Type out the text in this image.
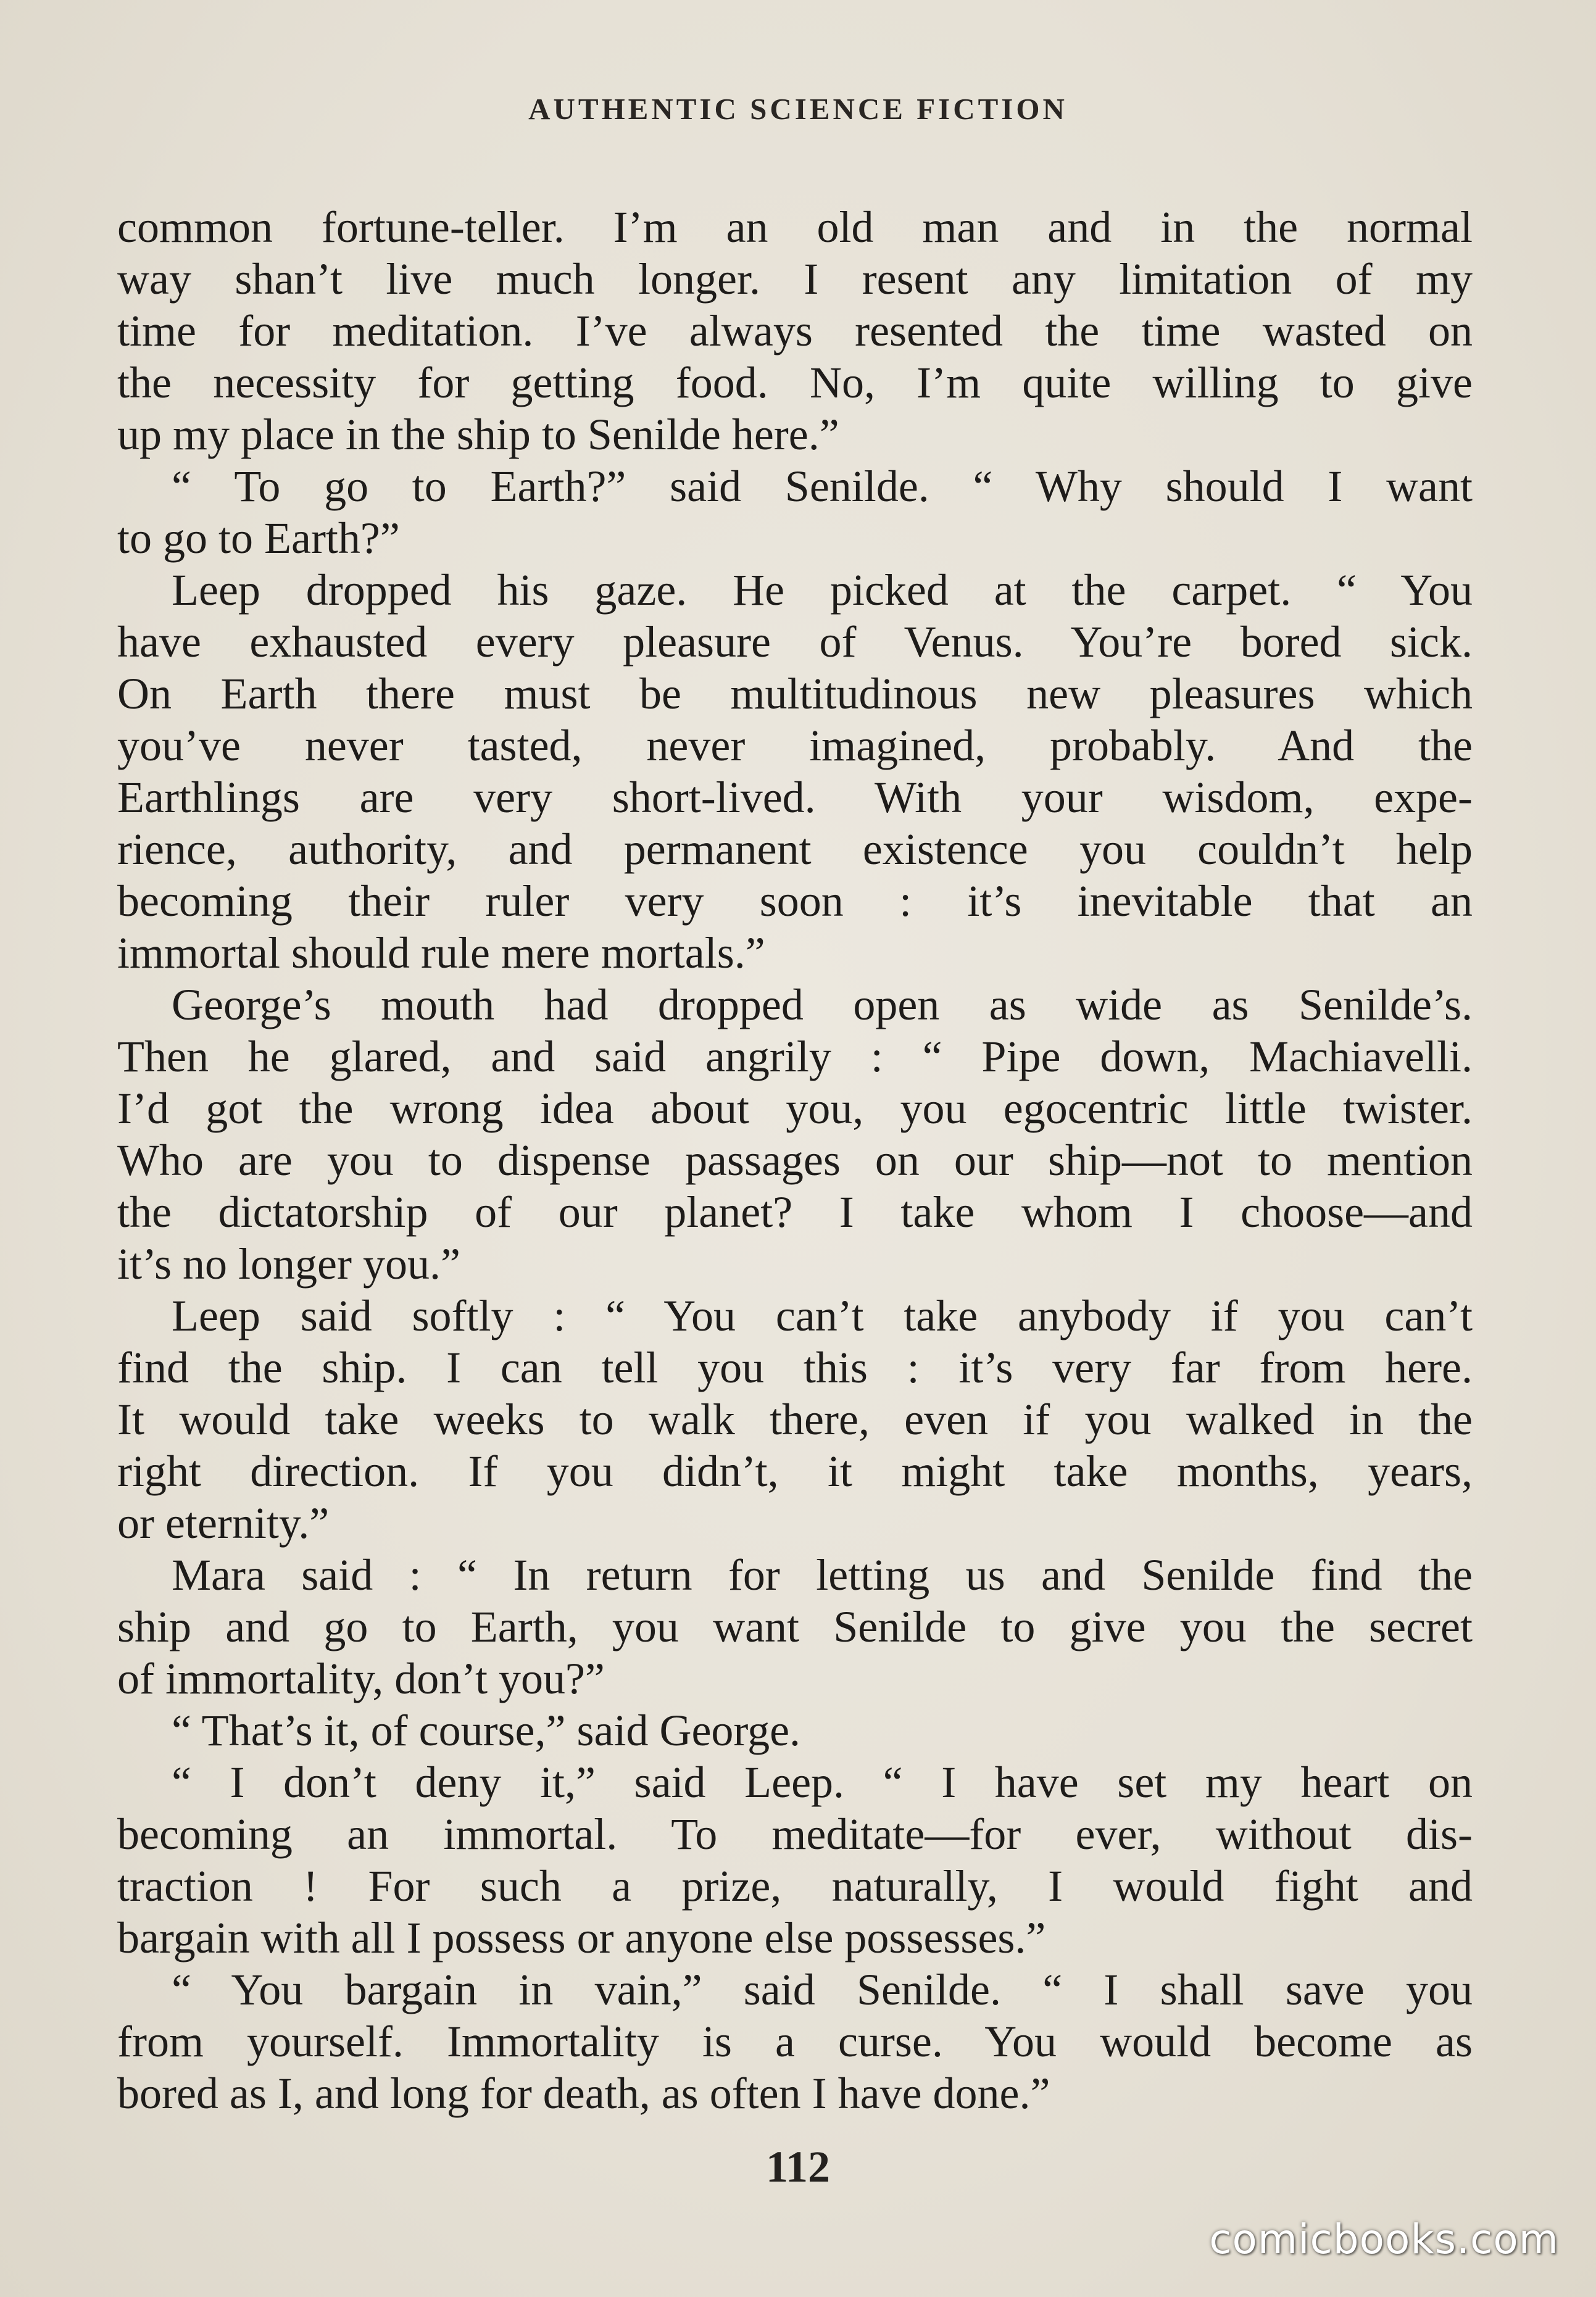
AUTHENTIC SCIENCE FICTION
common fortune-teller. I’m an old man and in the normal
way shan’t live much longer. I resent any limitation of my
time for meditation. I’ve always resented the time wasted on
the necessity for getting food. No, I’m quite willing to give
up my place in the ship to Senilde here.”
“ To go to Earth?” said Senilde. “ Why should I want
to go to Earth?”
Leep dropped his gaze. He picked at the carpet. “ You
have exhausted every pleasure of Venus. You’re bored sick.
On Earth there must be multitudinous new pleasures which
you’ve never tasted, never imagined, probably. And the
Earthlings are very short-lived. With your wisdom, expe-
rience, authority, and permanent existence you couldn’t help
becoming their ruler very soon : it’s inevitable that an
immortal should rule mere mortals.”
George’s mouth had dropped open as wide as Senilde’s.
Then he glared, and said angrily : “ Pipe down, Machiavelli.
I’d got the wrong idea about you, you egocentric little twister.
Who are you to dispense passages on our ship—not to mention
the dictatorship of our planet? I take whom I choose—and
it’s no longer you.”
Leep said softly : “ You can’t take anybody if you can’t
find the ship. I can tell you this : it’s very far from here.
It would take weeks to walk there, even if you walked in the
right direction. If you didn’t, it might take months, years,
or eternity.”
Mara said : “ In return for letting us and Senilde find the
ship and go to Earth, you want Senilde to give you the secret
of immortality, don’t you?”
“ That’s it, of course,” said George.
“ I don’t deny it,” said Leep. “ I have set my heart on
becoming an immortal. To meditate—for ever, without dis-
traction ! For such a prize, naturally, I would fight and
bargain with all I possess or anyone else possesses.”
“ You bargain in vain,” said Senilde. “ I shall save you
from yourself. Immortality is a curse. You would become as
bored as I, and long for death, as often I have done.”
112
comicbooks.com
